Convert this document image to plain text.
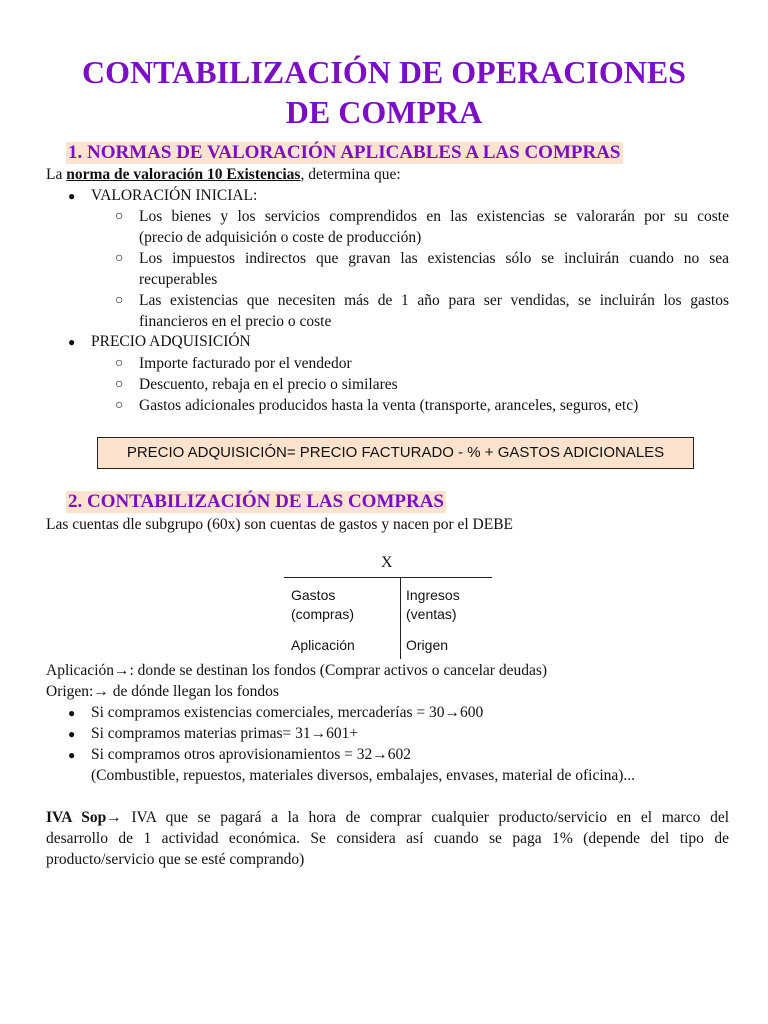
CONTABILIZACIÓN DE OPERACIONES
DE COMPRA
1. NORMAS DE VALORACIÓN APLICABLES A LAS COMPRAS
La norma de valoración 10 Existencias, determina que:
● VALORACIÓN INICIAL:
○ Los bienes y los servicios comprendidos en las existencias se valorarán por su coste
(precio de adquisición o coste de producción)
○ Los impuestos indirectos que gravan las existencias sólo se incluirán cuando no sea
recuperables
○ Las existencias que necesiten más de 1 año para ser vendidas, se incluirán los gastos
financieros en el precio o coste
● PRECIO ADQUISICIÓN
○ Importe facturado por el vendedor
○ Descuento, rebaja en el precio o similares
○ Gastos adicionales producidos hasta la venta (transporte, aranceles, seguros, etc)
PRECIO ADQUISICIÓN= PRECIO FACTURADO - % + GASTOS ADICIONALES
2. CONTABILIZACIÓN DE LAS COMPRAS
Las cuentas dle subgrupo (60x) son cuentas de gastos y nacen por el DEBE
X
Gastos
(compras)
Ingresos
(ventas)
Aplicación	Origen
Aplicación→: donde se destinan los fondos (Comprar activos o cancelar deudas)
Origen:→ de dónde llegan los fondos
● Si compramos existencias comerciales, mercaderías = 30→600
● Si compramos materias primas= 31→601+
● Si compramos otros aprovisionamientos = 32→602
(Combustible, repuestos, materiales diversos, embalajes, envases, material de oficina)...
IVA Sop→ IVA que se pagará a la hora de comprar cualquier producto/servicio en el marco del
desarrollo de 1 actividad económica. Se considera así cuando se paga 1% (depende del tipo de
producto/servicio que se esté comprando)
